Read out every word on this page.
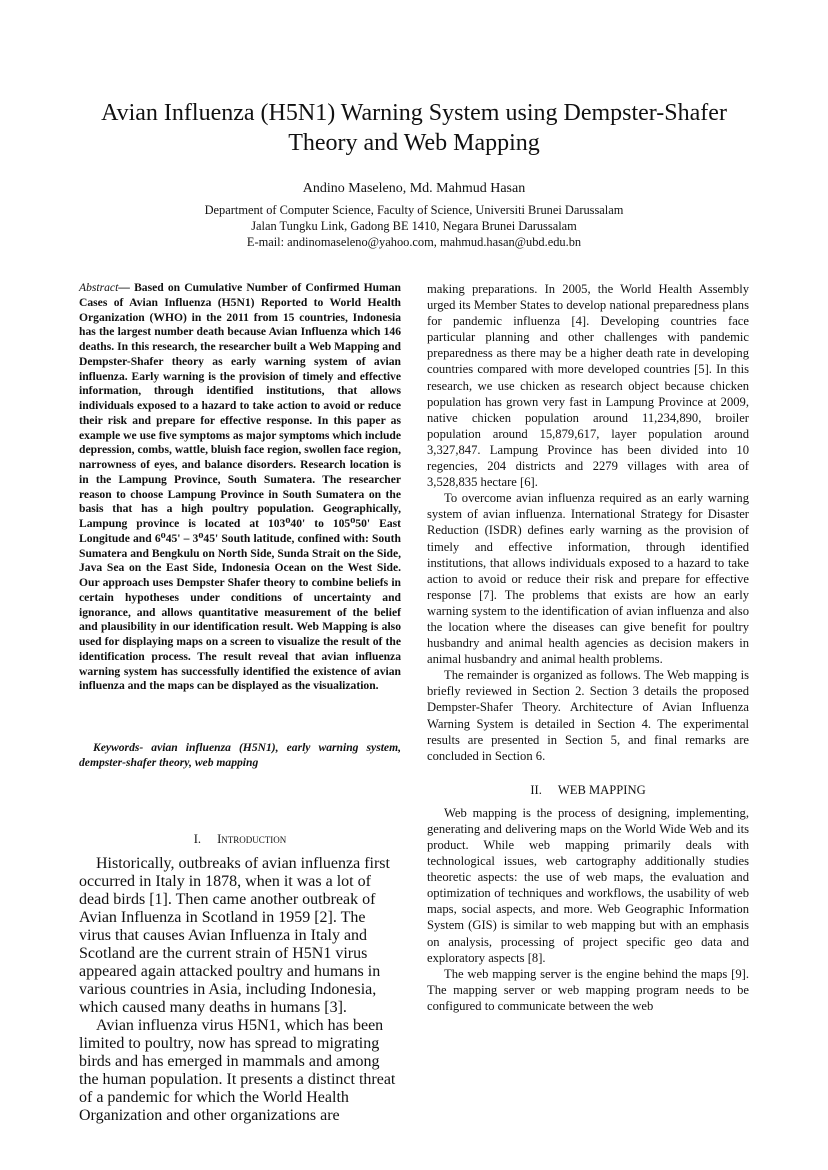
Avian Influenza (H5N1) Warning System using Dempster-Shafer
Theory and Web Mapping
Andino Maseleno, Md. Mahmud Hasan
Department of Computer Science, Faculty of Science, Universiti Brunei Darussalam
Jalan Tungku Link, Gadong BE 1410, Negara Brunei Darussalam
E-mail: andinomaseleno@yahoo.com, mahmud.hasan@ubd.edu.bn

Abstract— Based on Cumulative Number of Confirmed Human Cases of Avian Influenza (H5N1) Reported to World Health Organization (WHO) in the 2011 from 15 countries, Indonesia has the largest number death because Avian Influenza which 146 deaths. In this research, the researcher built a Web Mapping and Dempster-Shafer theory as early warning system of avian influenza. Early warning is the provision of timely and effective information, through identified institutions, that allows individuals exposed to a hazard to take action to avoid or reduce their risk and prepare for effective response. In this paper as example we use five symptoms as major symptoms which include depression, combs, wattle, bluish face region, swollen face region, narrowness of eyes, and balance disorders. Research location is in the Lampung Province, South Sumatera. The researcher reason to choose Lampung Province in South Sumatera on the basis that has a high poultry population. Geographically, Lampung province is located at 103⁰40' to 105⁰50' East Longitude and 6⁰45' – 3⁰45' South latitude, confined with: South Sumatera and Bengkulu on North Side, Sunda Strait on the Side, Java Sea on the East Side, Indonesia Ocean on the West Side. Our approach uses Dempster Shafer theory to combine beliefs in certain hypotheses under conditions of uncertainty and ignorance, and allows quantitative measurement of the belief and plausibility in our identification result. Web Mapping is also used for displaying maps on a screen to visualize the result of the identification process. The result reveal that avian influenza warning system has successfully identified the existence of avian influenza and the maps can be displayed as the visualization.

Keywords- avian influenza (H5N1), early warning system, dempster-shafer theory, web mapping

I. Introduction

Historically, outbreaks of avian influenza first occurred in Italy in 1878, when it was a lot of dead birds [1]. Then came another outbreak of Avian Influenza in Scotland in 1959 [2]. The virus that causes Avian Influenza in Italy and Scotland are the current strain of H5N1 virus appeared again attacked poultry and humans in various countries in Asia, including Indonesia, which caused many deaths in humans [3].

Avian influenza virus H5N1, which has been limited to poultry, now has spread to migrating birds and has emerged in mammals and among the human population. It presents a distinct threat of a pandemic for which the World Health Organization and other organizations are

making preparations. In 2005, the World Health Assembly urged its Member States to develop national preparedness plans for pandemic influenza [4]. Developing countries face particular planning and other challenges with pandemic preparedness as there may be a higher death rate in developing countries compared with more developed countries [5]. In this research, we use chicken as research object because chicken population has grown very fast in Lampung Province at 2009, native chicken population around 11,234,890, broiler population around 15,879,617, layer population around 3,327,847. Lampung Province has been divided into 10 regencies, 204 districts and 2279 villages with area of 3,528,835 hectare [6].

To overcome avian influenza required as an early warning system of avian influenza. International Strategy for Disaster Reduction (ISDR) defines early warning as the provision of timely and effective information, through identified institutions, that allows individuals exposed to a hazard to take action to avoid or reduce their risk and prepare for effective response [7]. The problems that exists are how an early warning system to the identification of avian influenza and also the location where the diseases can give benefit for poultry husbandry and animal health agencies as decision makers in animal husbandry and animal health problems.

The remainder is organized as follows. The Web mapping is briefly reviewed in Section 2. Section 3 details the proposed Dempster-Shafer Theory. Architecture of Avian Influenza Warning System is detailed in Section 4. The experimental results are presented in Section 5, and final remarks are concluded in Section 6.

II. WEB MAPPING

Web mapping is the process of designing, implementing, generating and delivering maps on the World Wide Web and its product. While web mapping primarily deals with technological issues, web cartography additionally studies theoretic aspects: the use of web maps, the evaluation and optimization of techniques and workflows, the usability of web maps, social aspects, and more. Web Geographic Information System (GIS) is similar to web mapping but with an emphasis on analysis, processing of project specific geo data and exploratory aspects [8].

The web mapping server is the engine behind the maps [9]. The mapping server or web mapping program needs to be configured to communicate between the web
